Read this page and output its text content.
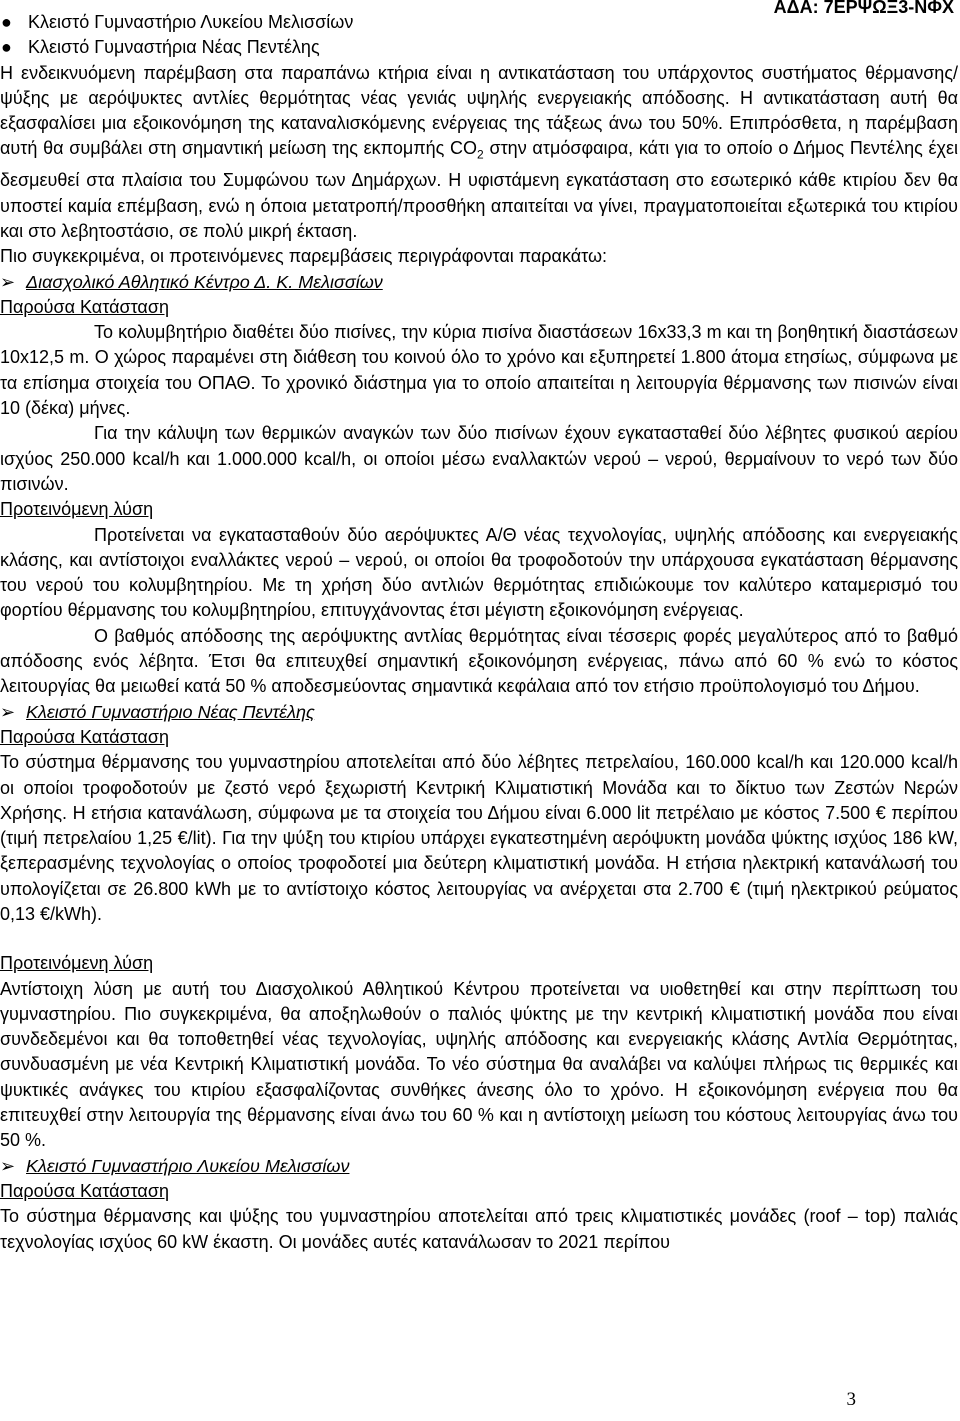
ΑΔΑ: 7ΕΡΨΩΞ3-ΝΦΧ
● Κλειστό Γυμναστήριο Λυκείου Μελισσίων
● Κλειστό Γυμναστήρια Νέας Πεντέλης

Η ενδεικνυόμενη παρέμβαση στα παραπάνω κτήρια είναι η αντικατάσταση του υπάρχοντος συστήματος θέρμανσης/ψύξης με αερόψυκτες αντλίες θερμότητας νέας γενιάς υψηλής ενεργειακής απόδοσης. Η αντικατάσταση αυτή θα εξασφαλίσει μια εξοικονόμηση της καταναλισκόμενης ενέργειας της τάξεως άνω του 50%. Επιπρόσθετα, η παρέμβαση αυτή θα συμβάλει στη σημαντική μείωση της εκπομπής $CO_2$ στην ατμόσφαιρα, κάτι για το οποίο ο Δήμος Πεντέλης έχει δεσμευθεί στα πλαίσια του Συμφώνου των Δημάρχων. Η υφιστάμενη εγκατάσταση στο εσωτερικό κάθε κτιρίου δεν θα υποστεί καμία επέμβαση, ενώ η όποια μετατροπή/προσθήκη απαιτείται να γίνει, πραγματοποιείται εξωτερικά του κτιρίου και στο λεβητοστάσιο, σε πολύ μικρή έκταση.

Πιο συγκεκριμένα, οι προτεινόμενες παρεμβάσεις περιγράφονται παρακάτω:

➢ Διασχολικό Αθλητικό Κέντρο Δ. Κ. Μελισσίων

Παρούσα Κατάσταση

Το κολυμβητήριο διαθέτει δύο πισίνες, την κύρια πισίνα διαστάσεων 16x33,3 m και τη βοηθητική διαστάσεων 10x12,5 m. Ο χώρος παραμένει στη διάθεση του κοινού όλο το χρόνο και εξυπηρετεί 1.800 άτομα ετησίως, σύμφωνα με τα επίσημα στοιχεία του ΟΠΑΘ. Το χρονικό διάστημα για το οποίο απαιτείται η λειτουργία θέρμανσης των πισινών είναι 10 (δέκα) μήνες.

Για την κάλυψη των θερμικών αναγκών των δύο πισίνων έχουν εγκατασταθεί δύο λέβητες φυσικού αερίου ισχύος 250.000 kcal/h και 1.000.000 kcal/h, οι οποίοι μέσω εναλλακτών νερού – νερού, θερμαίνουν το νερό των δύο πισινών.

Προτεινόμενη λύση

Προτείνεται να εγκατασταθούν δύο αερόψυκτες Α/Θ νέας τεχνολογίας, υψηλής απόδοσης και ενεργειακής κλάσης, και αντίστοιχοι εναλλάκτες νερού – νερού, οι οποίοι θα τροφοδοτούν την υπάρχουσα εγκατάσταση θέρμανσης του νερού του κολυμβητηρίου. Με τη χρήση δύο αντλιών θερμότητας επιδιώκουμε τον καλύτερο καταμερισμό του φορτίου θέρμανσης του κολυμβητηρίου, επιτυγχάνοντας έτσι μέγιστη εξοικονόμηση ενέργειας.

Ο βαθμός απόδοσης της αερόψυκτης αντλίας θερμότητας είναι τέσσερις φορές μεγαλύτερος από το βαθμό απόδοσης ενός λέβητα. Έτσι θα επιτευχθεί σημαντική εξοικονόμηση ενέργειας, πάνω από 60 % ενώ το κόστος λειτουργίας θα μειωθεί κατά 50 % αποδεσμεύοντας σημαντικά κεφάλαια από τον ετήσιο προϋπολογισμό του Δήμου.

➢ Κλειστό Γυμναστήριο Νέας Πεντέλης

Παρούσα Κατάσταση

Το σύστημα θέρμανσης του γυμναστηρίου αποτελείται από δύο λέβητες πετρελαίου, 160.000 kcal/h και 120.000 kcal/h οι οποίοι τροφοδοτούν με ζεστό νερό ξεχωριστή Κεντρική Κλιματιστική Μονάδα και το δίκτυο των Ζεστών Νερών Χρήσης. Η ετήσια κατανάλωση, σύμφωνα με τα στοιχεία του Δήμου είναι 6.000 lit πετρέλαιο με κόστος 7.500 € περίπου (τιμή πετρελαίου 1,25 €/lit). Για την ψύξη του κτιρίου υπάρχει εγκατεστημένη αερόψυκτη μονάδα ψύκτης ισχύος 186 kW, ξεπερασμένης τεχνολογίας ο οποίος τροφοδοτεί μια δεύτερη κλιματιστική μονάδα. Η ετήσια ηλεκτρική κατανάλωσή του υπολογίζεται σε 26.800 kWh με το αντίστοιχο κόστος λειτουργίας να ανέρχεται στα 2.700 € (τιμή ηλεκτρικού ρεύματος 0,13 €/kWh).

Προτεινόμενη λύση

Αντίστοιχη λύση με αυτή του Διασχολικού Αθλητικού Κέντρου προτείνεται να υιοθετηθεί και στην περίπτωση του γυμναστηρίου. Πιο συγκεκριμένα, θα αποξηλωθούν ο παλιός ψύκτης με την κεντρική κλιματιστική μονάδα που είναι συνδεδεμένοι και θα τοποθετηθεί νέας τεχνολογίας, υψηλής απόδοσης και ενεργειακής κλάσης Αντλία Θερμότητας, συνδυασμένη με νέα Κεντρική Κλιματιστική μονάδα. Το νέο σύστημα θα αναλάβει να καλύψει πλήρως τις θερμικές και ψυκτικές ανάγκες του κτιρίου εξασφαλίζοντας συνθήκες άνεσης όλο το χρόνο. Η εξοικονόμηση ενέργεια που θα επιτευχθεί στην λειτουργία της θέρμανσης είναι άνω του 60 % και η αντίστοιχη μείωση του κόστους λειτουργίας άνω του 50 %.

➢ Κλειστό Γυμναστήριο Λυκείου Μελισσίων

Παρούσα Κατάσταση

Το σύστημα θέρμανσης και ψύξης του γυμναστηρίου αποτελείται από τρεις κλιματιστικές μονάδες (roof – top) παλιάς τεχνολογίας ισχύος 60 kW έκαστη. Οι μονάδες αυτές κατανάλωσαν το 2021 περίπου

3
